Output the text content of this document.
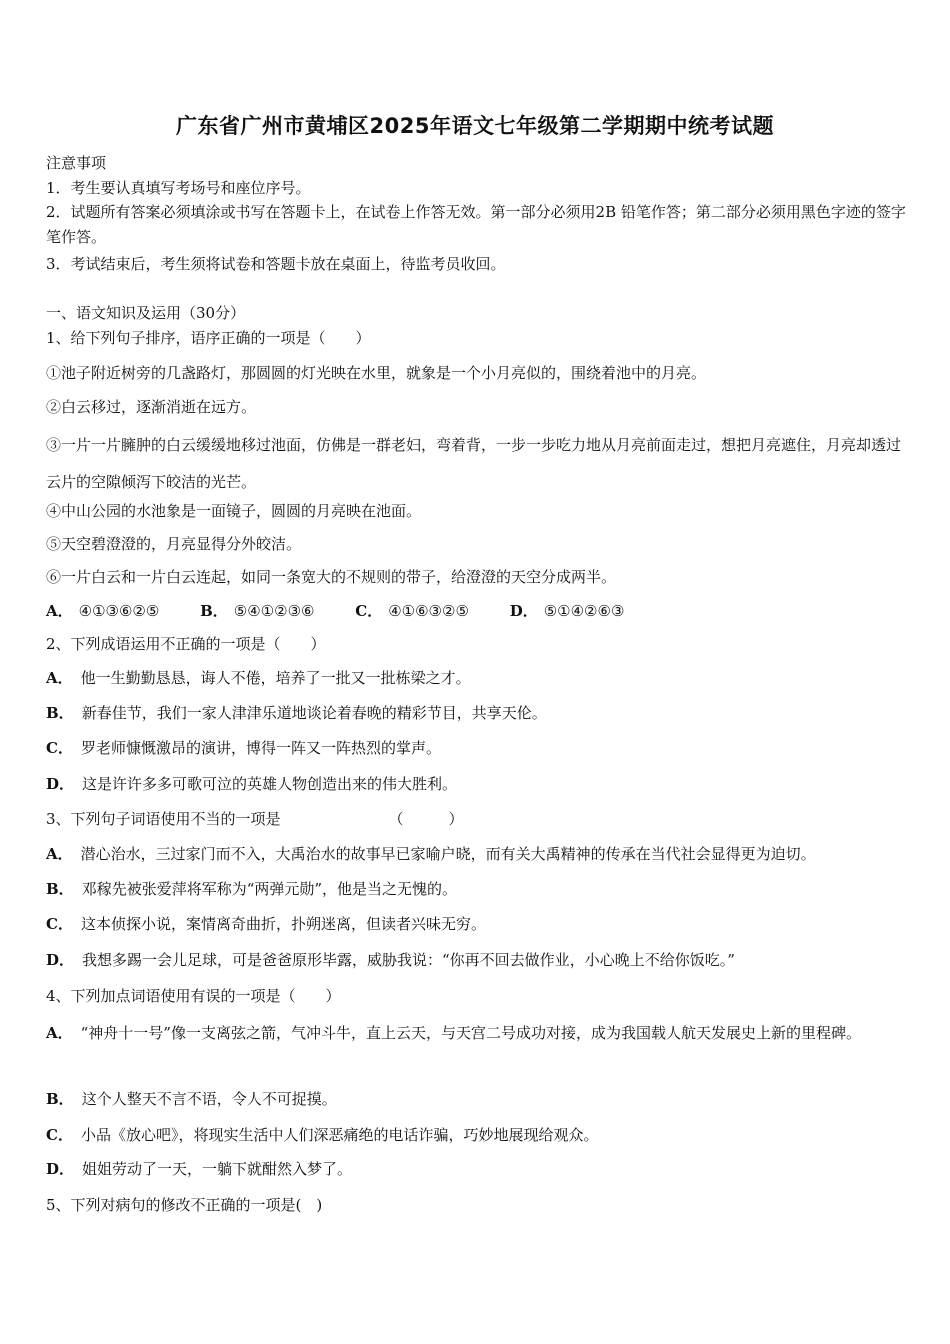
广东省广州市黄埔区2025年语文七年级第二学期期中统考试题
注意事项
1．考生要认真填写考场号和座位序号。
2．试题所有答案必须填涂或书写在答题卡上，在试卷上作答无效。第一部分必须用2B 铅笔作答；第二部分必须用黑色字迹的签字笔作答。
3．考试结束后，考生须将试卷和答题卡放在桌面上，待监考员收回。
一、语文知识及运用（30分）
1、给下列句子排序，语序正确的一项是（　　）
①池子附近树旁的几盏路灯，那圆圆的灯光映在水里，就象是一个小月亮似的，围绕着池中的月亮。
②白云移过，逐渐消逝在远方。
③一片一片臃肿的白云缓缓地移过池面，仿佛是一群老妇，弯着背，一步一步吃力地从月亮前面走过，想把月亮遮住，月亮却透过云片的空隙倾泻下皎洁的光芒。
④中山公园的水池象是一面镜子，圆圆的月亮映在池面。
⑤天空碧澄澄的，月亮显得分外皎洁。
⑥一片白云和一片白云连起，如同一条宽大的不规则的带子，给澄澄的天空分成两半。
A． ④①③⑥②⑤	B． ⑤④①②③⑥	C． ④①⑥③②⑤	D． ⑤①④②⑥③
2、下列成语运用不正确的一项是（　　）
A． 他一生勤勤恳恳，诲人不倦，培养了一批又一批栋梁之才。
B． 新春佳节，我们一家人津津乐道地谈论着春晚的精彩节目，共享天伦。
C． 罗老师慷慨激昂的演讲，博得一阵又一阵热烈的掌声。
D． 这是许许多多可歌可泣的英雄人物创造出来的伟大胜利。
3、下列句子词语使用不当的一项是	（　　　）
A． 潜心治水，三过家门而不入，大禹治水的故事早已家喻户晓，而有关大禹精神的传承在当代社会显得更为迫切。
B． 邓稼先被张爱萍将军称为“两弹元勋”，他是当之无愧的。
C． 这本侦探小说，案情离奇曲折，扑朔迷离，但读者兴味无穷。
D． 我想多踢一会儿足球，可是爸爸原形毕露，威胁我说：“你再不回去做作业，小心晚上不给你饭吃。”
4、下列加点词语使用有误的一项是（　　）
A． “神舟十一号”像一支离弦之箭，气冲斗牛，直上云天，与天宫二号成功对接，成为我国载人航天发展史上新的里程碑。
B． 这个人整天不言不语，令人不可捉摸。
C． 小品《放心吧》，将现实生活中人们深恶痛绝的电话诈骗，巧妙地展现给观众。
D． 姐姐劳动了一天，一躺下就酣然入梦了。
5、下列对病句的修改不正确的一项是(　)
